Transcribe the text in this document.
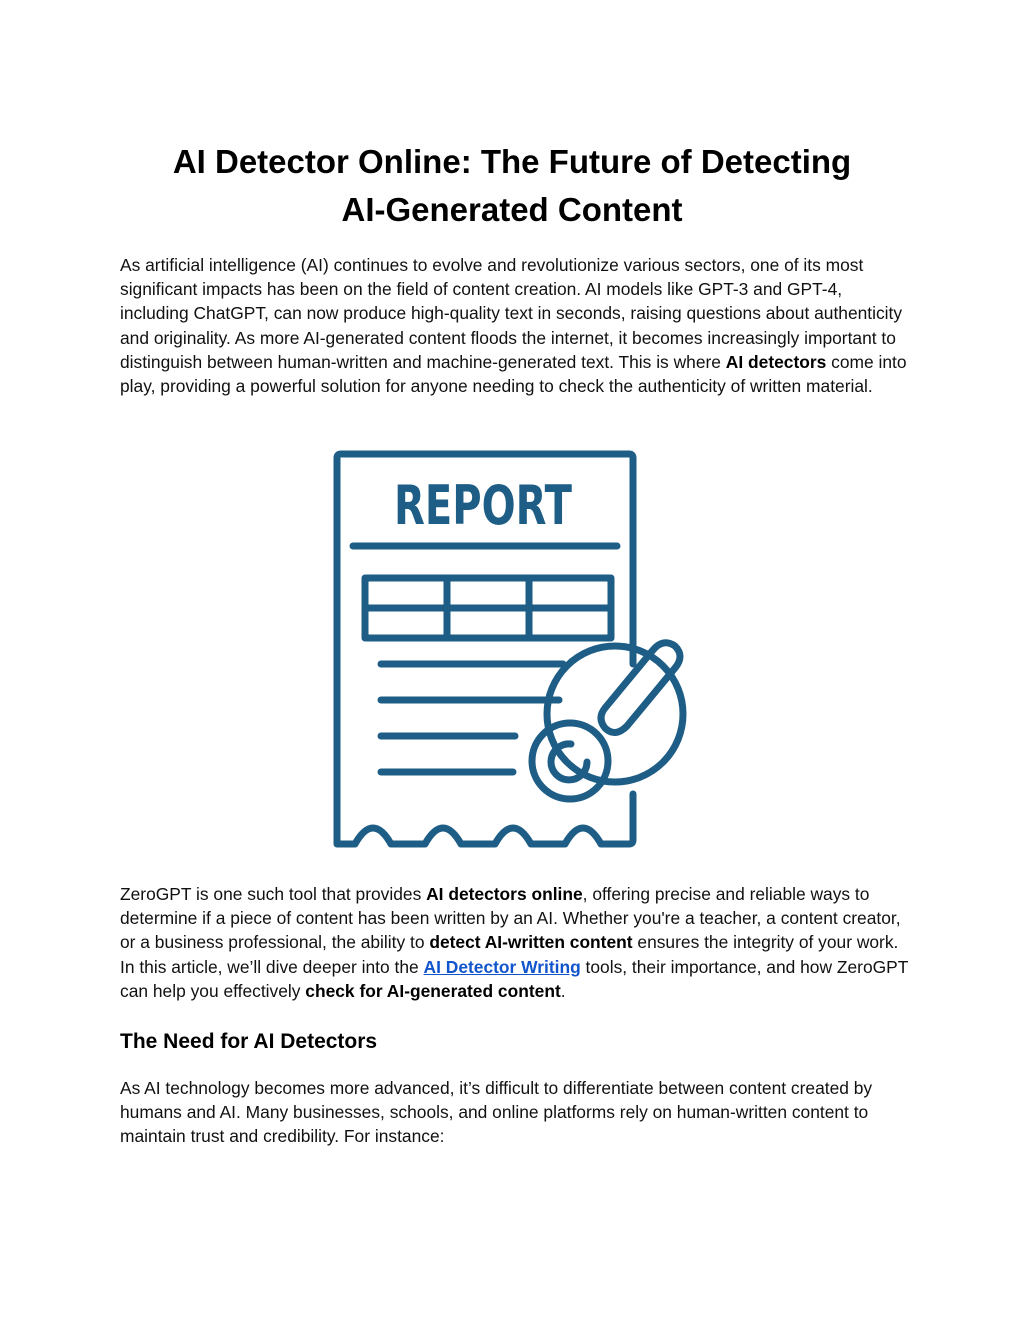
AI Detector Online: The Future of Detecting
AI-Generated Content

As artificial intelligence (AI) continues to evolve and revolutionize various sectors, one of its most significant impacts has been on the field of content creation. AI models like GPT-3 and GPT-4, including ChatGPT, can now produce high-quality text in seconds, raising questions about authenticity and originality. As more AI-generated content floods the internet, it becomes increasingly important to distinguish between human-written and machine-generated text. This is where AI detectors come into play, providing a powerful solution for anyone needing to check the authenticity of written material.

REPORT

ZeroGPT is one such tool that provides AI detectors online, offering precise and reliable ways to determine if a piece of content has been written by an AI. Whether you're a teacher, a content creator, or a business professional, the ability to detect AI-written content ensures the integrity of your work. In this article, we’ll dive deeper into the AI Detector Writing tools, their importance, and how ZeroGPT can help you effectively check for AI-generated content.

The Need for AI Detectors

As AI technology becomes more advanced, it’s difficult to differentiate between content created by humans and AI. Many businesses, schools, and online platforms rely on human-written content to maintain trust and credibility. For instance:
